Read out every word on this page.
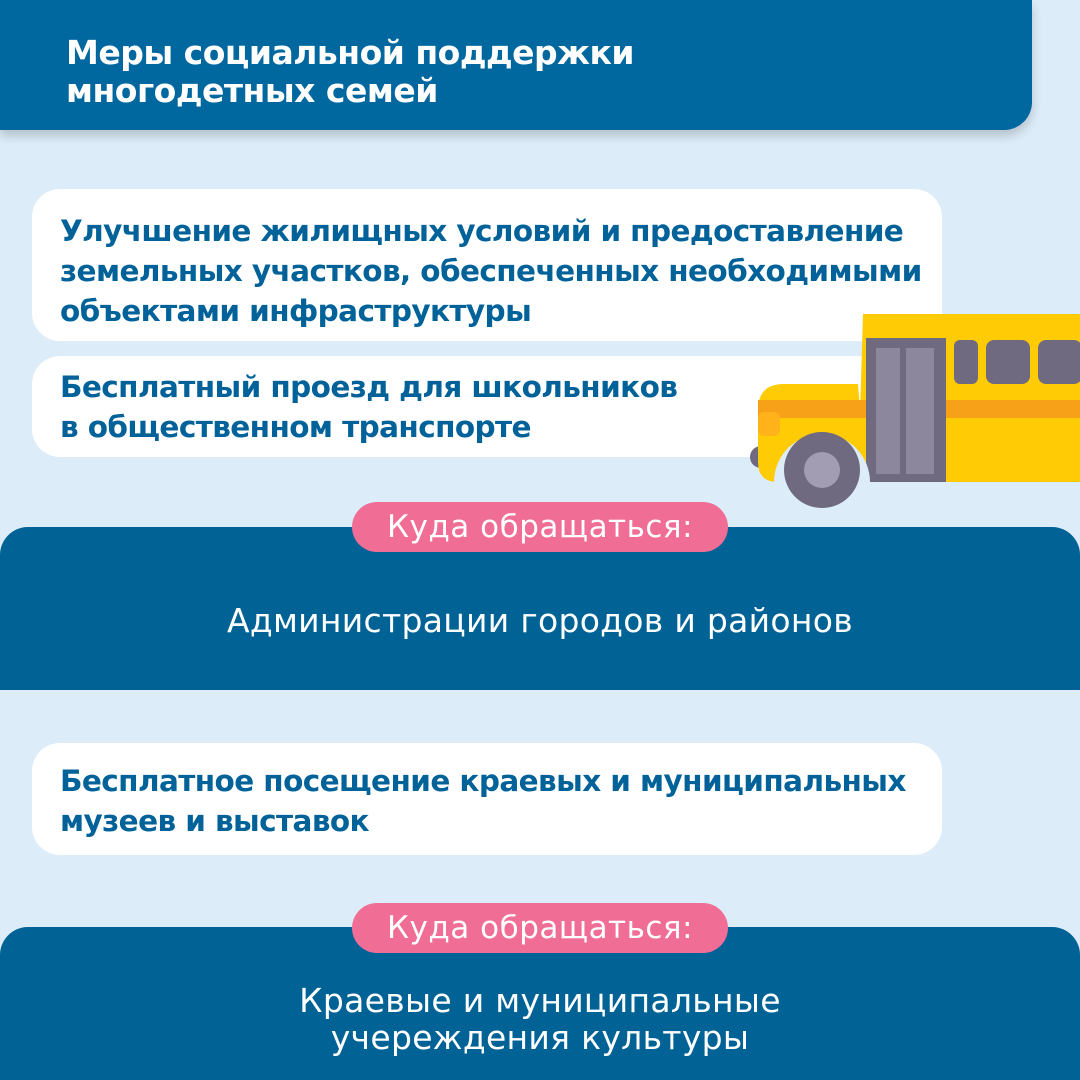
Меры социальной поддержки
многодетных семей
Улучшение жилищных условий и предоставление
земельных участков, обеспеченных необходимыми
объектами инфраструктуры
Бесплатный проезд для школьников
в общественном транспорте
Администрации городов и районов
Куда обращаться:
Бесплатное посещение краевых и муниципальных
музеев и выставок
Краевые и муниципальные
учереждения культуры
Куда обращаться:
